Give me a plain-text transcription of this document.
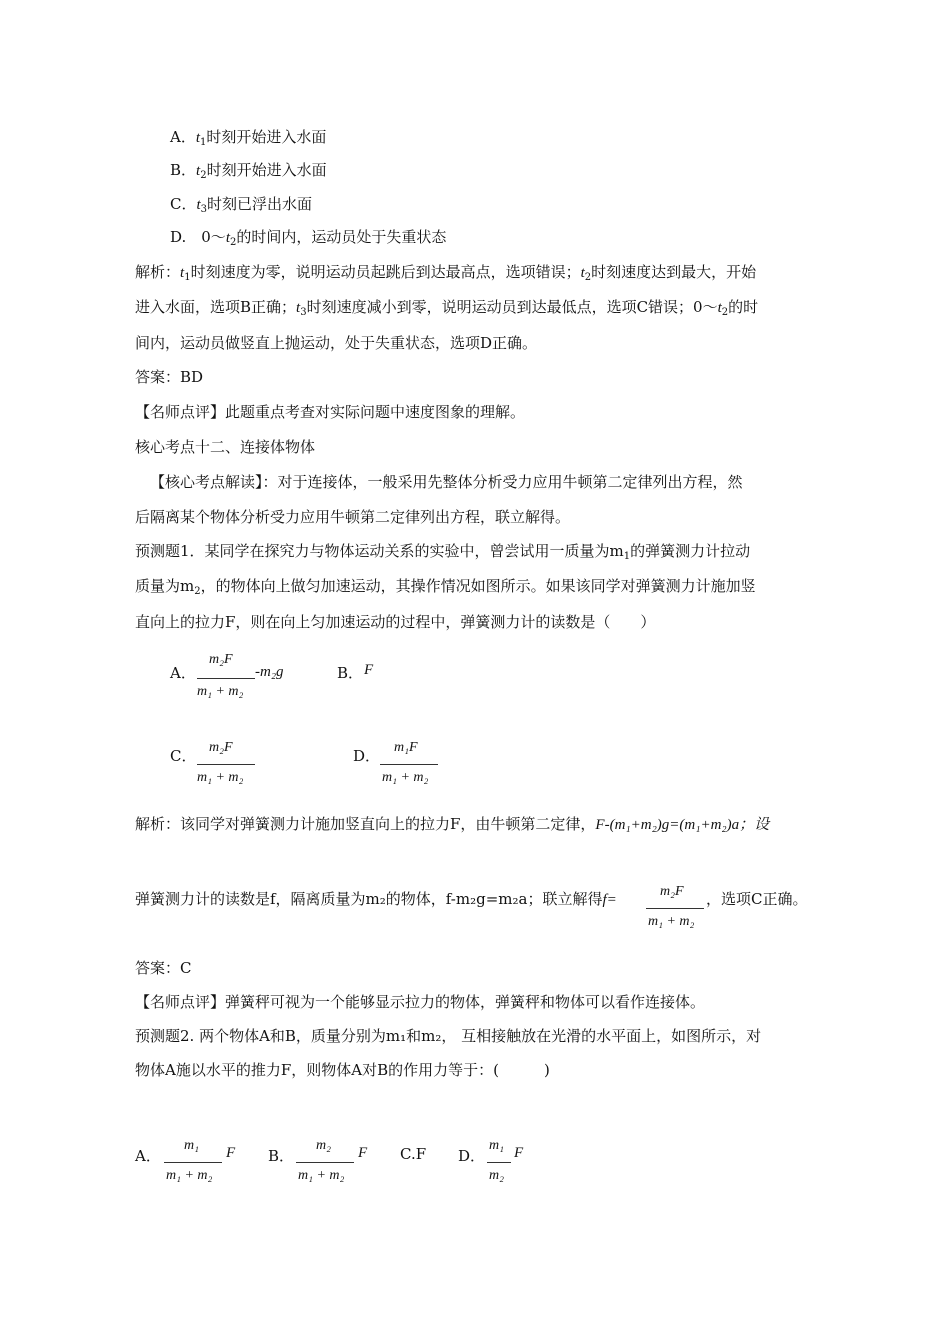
A．$t_1$时刻开始进入水面
B．$t_2$时刻开始进入水面
C．$t_3$时刻已浮出水面
D.　$0\sim t_2$的时间内，运动员处于失重状态
解析：$t_1$时刻速度为零，说明运动员起跳后到达最高点，选项错误；$t_2$时刻速度达到最大，开始
进入水面，选项B正确；$t_3$时刻速度减小到零，说明运动员到达最低点，选项C错误；$0\sim t_2$的时
间内，运动员做竖直上抛运动，处于失重状态，选项D正确。
答案：BD
【名师点评】此题重点考查对实际问题中速度图象的理解。
核心考点十二、连接体物体
【核心考点解读】：对于连接体，一般采用先整体分析受力应用牛顿第二定律列出方程，然
后隔离某个物体分析受力应用牛顿第二定律列出方程，联立解得。
预测题1．某同学在探究力与物体运动关系的实验中，曾尝试用一质量为$m_1$的弹簧测力计拉动
质量为$m_2$，的物体向上做匀加速运动，其操作情况如图所示。如果该同学对弹簧测力计施加竖
直向上的拉力F，则在向上匀加速运动的过程中，弹簧测力计的读数是（　　）
A．
m₂F
m₁ + m₂
-m₂g	B． F
C． m₂F
m₁ + m₂
D． m₁F
m₁ + m₂
解析：该同学对弹簧测力计施加竖直向上的拉力F，由牛顿第二定律，F-(m₁+m₂)g=(m₁+m₂)a；设
弹簧测力计的读数是f，隔离质量为m₂的物体，f-m₂g=m₂a；联立解得f=
m₂F
m₁ + m₂
，选项C正确。
答案：C
【名师点评】弹簧秤可视为一个能够显示拉力的物体，弹簧秤和物体可以看作连接体。
预测题2. 两个物体A和B，质量分别为m₁和m₂， 互相接触放在光滑的水平面上，如图所示，对
物体A施以水平的推力F，则物体A对B的作用力等于：(　　　)
A．
m₁
m₁ + m₂
F B．
m₂
m₁ + m₂
F C.F D．
m₁
m₂
F
